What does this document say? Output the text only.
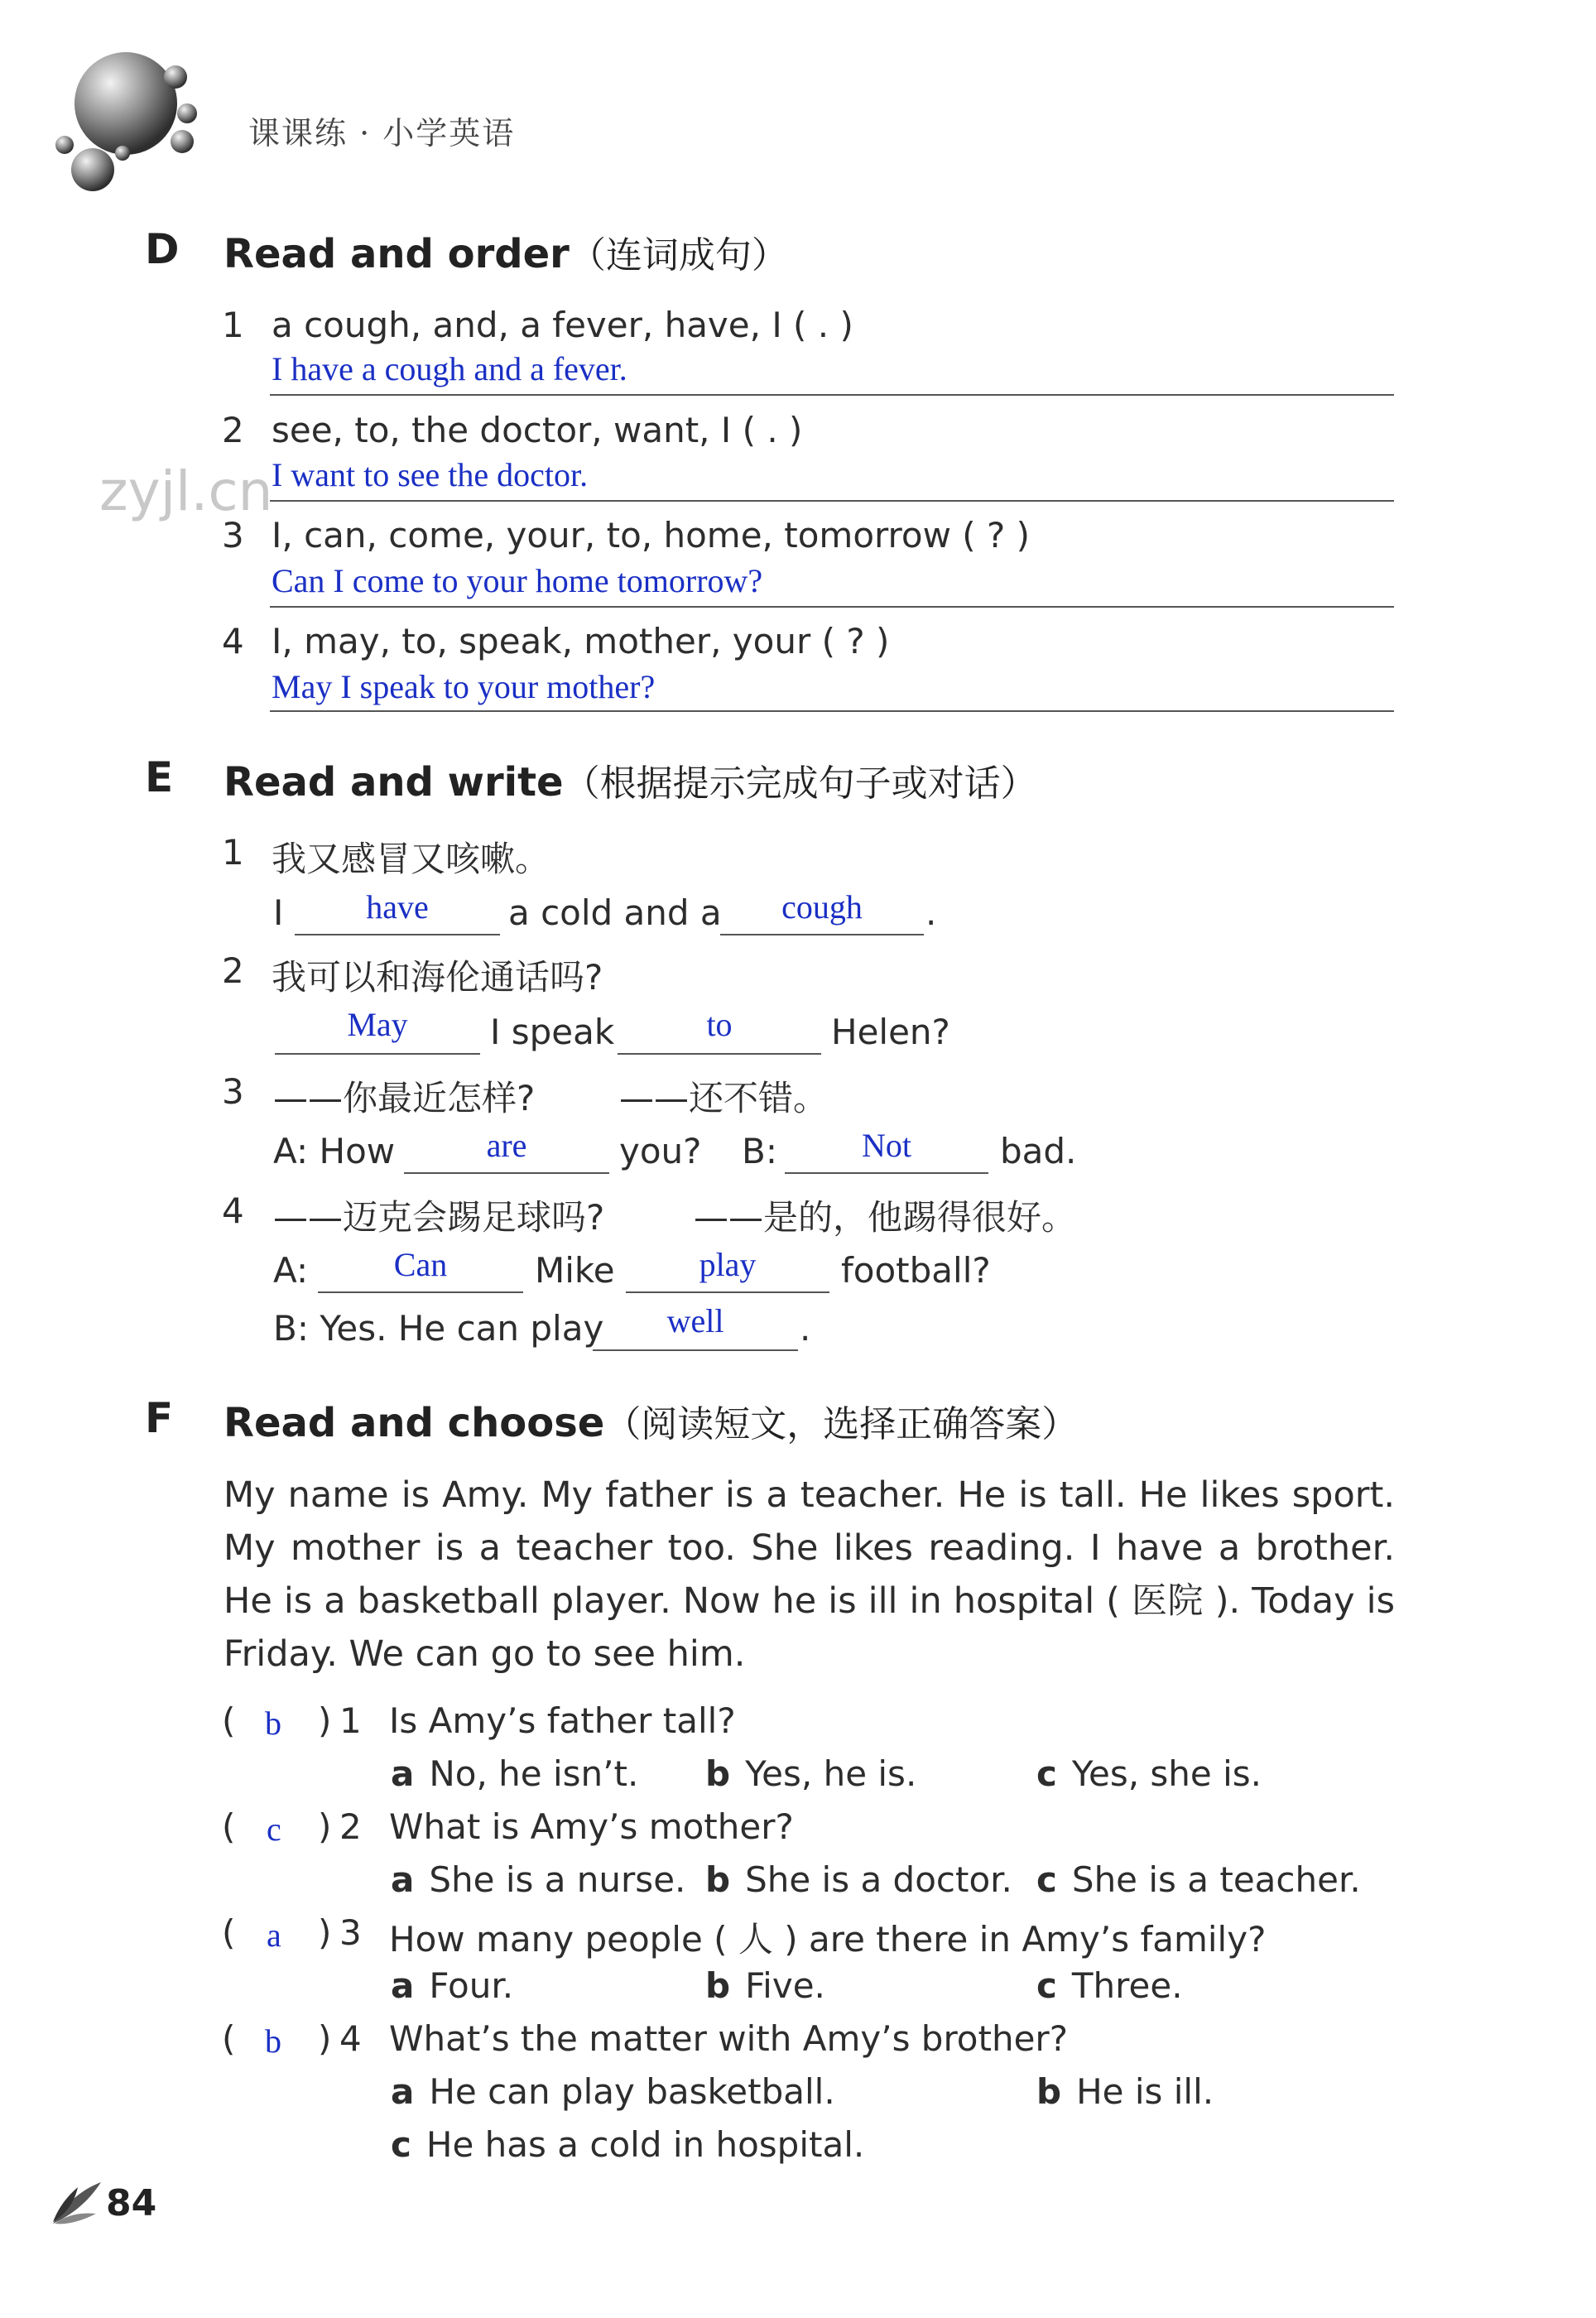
课课练 · 小学英语
D Read and order（连词成句）
1 a cough, and, a fever, have, I ( . )
I have a cough and a fever.
2 see, to, the doctor, want, I ( . )
I want to see the doctor.
zyjl.cn
3 I, can, come, your, to, home, tomorrow ( ? )
Can I come to your home tomorrow?
4 I, may, to, speak, mother, your ( ? )
May I speak to your mother?
E Read and write（根据提示完成句子或对话）
1 我又感冒又咳嗽。
I	have	a cold and a	cough	.
2 我可以和海伦通话吗?
May	I speak	to	Helen?
3 ——你最近怎样? ——还不错。
A: How	are	you? B:	Not	bad.
4 ——迈克会踢足球吗?	——是的，他踢得很好。
A:	Can	Mike	play	football?
B: Yes. He can play	well	.
F Read and choose（阅读短文，选择正确答案）
My name is Amy. My father is a teacher. He is tall. He likes sport. My mother is a teacher too. She likes reading. I have a brother. He is a basketball player. Now he is ill in hospital ( 医院 ). Today is Friday. We can go to see him.
( b ) 1 Is Amy’s father tall?
a No, he isn’t. b Yes, he is.	c Yes, she is.
( c ) 2 What is Amy’s mother?
a She is a nurse. b She is a doctor. c She is a teacher.
( a ) 3 How many people ( 人 ) are there in Amy’s family?
a Four.	b Five.	c Three.
( b ) 4 What’s the matter with Amy’s brother?
a He can play basketball.	b He is ill.
c He has a cold in hospital.
84
